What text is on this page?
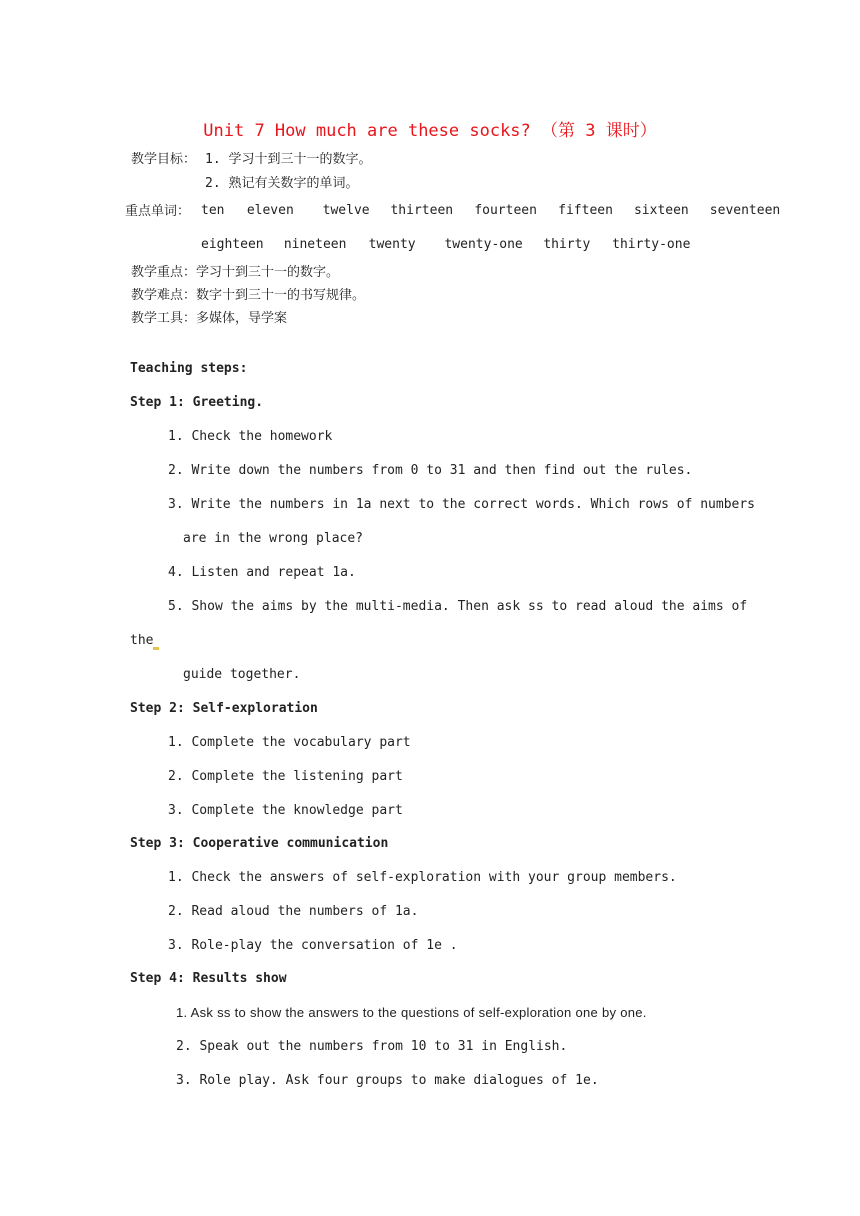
Unit 7 How much are these socks? （第 3 课时）
教学目标： 1. 学习十到三十一的数字。
2. 熟记有关数字的单词。
重点单词： ten eleven twelve thirteen fourteen fifteen sixteen seventeen
eighteen nineteen twenty twenty-one thirty thirty-one
教学重点：学习十到三十一的数字。
教学难点：数字十到三十一的书写规律。
教学工具：多媒体，导学案
Teaching steps:
Step 1: Greeting.
1. Check the homework
2. Write down the numbers from 0 to 31 and then find out the rules.
3. Write the numbers in 1a next to the correct words. Which rows of numbers
are in the wrong place?
4. Listen and repeat 1a.
5. Show the aims by the multi-media. Then ask ss to read aloud the aims of
the
guide together.
Step 2: Self-exploration
1. Complete the vocabulary part
2. Complete the listening part
3. Complete the knowledge part
Step 3: Cooperative communication
1. Check the answers of self-exploration with your group members.
2. Read aloud the numbers of 1a.
3. Role-play the conversation of 1e .
Step 4: Results show
1. Ask ss to show the answers to the questions of self-exploration one by one.
2. Speak out the numbers from 10 to 31 in English.
3. Role play. Ask four groups to make dialogues of 1e.
